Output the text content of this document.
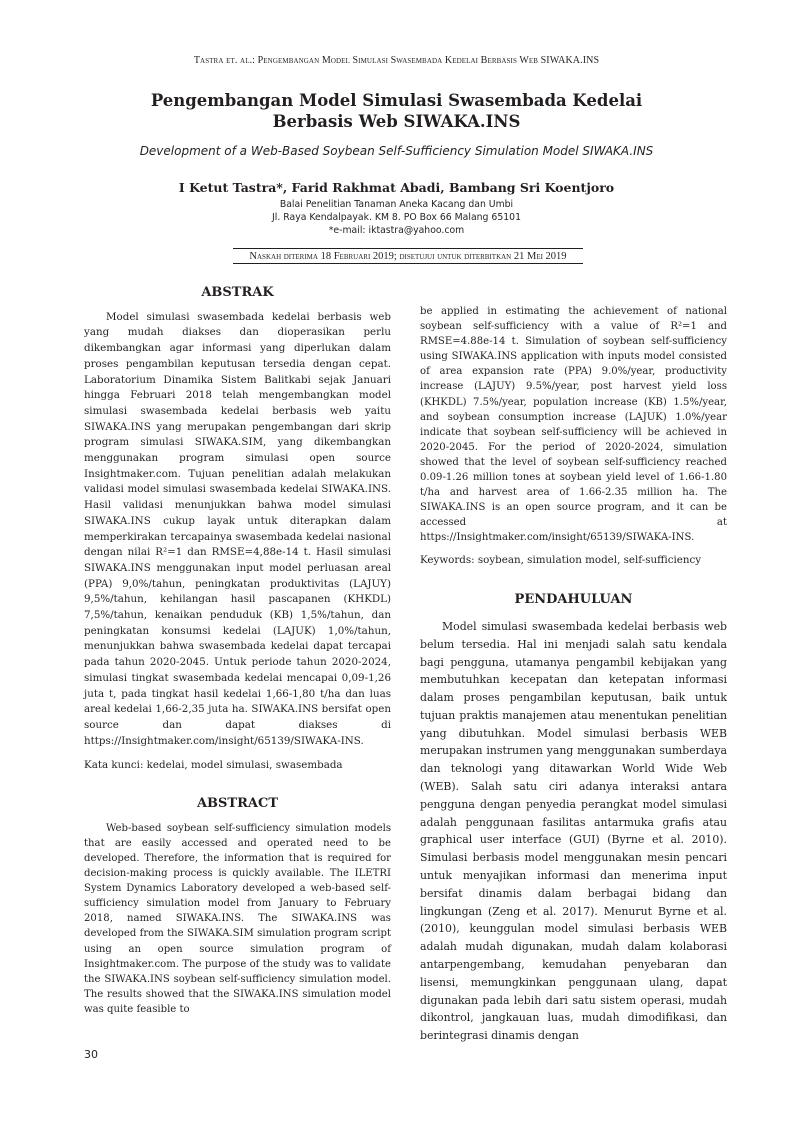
Tastra et. al.: Pengembangan Model Simulasi Swasembada Kedelai Berbasis Web SIWAKA.INS
Pengembangan Model Simulasi Swasembada Kedelai
Berbasis Web SIWAKA.INS
Development of a Web-Based Soybean Self-Sufficiency Simulation Model SIWAKA.INS
I Ketut Tastra*, Farid Rakhmat Abadi, Bambang Sri Koentjoro
Balai Penelitian Tanaman Aneka Kacang dan Umbi
Jl. Raya Kendalpayak. KM 8. PO Box 66 Malang 65101
*e-mail: iktastra@yahoo.com
Naskah diterima 18 Februari 2019; disetujui untuk diterbitkan 21 Mei 2019
ABSTRAK

Model simulasi swasembada kedelai berbasis web yang mudah diakses dan dioperasikan perlu dikembangkan agar informasi yang diperlukan dalam proses pengambilan keputusan tersedia dengan cepat. Laboratorium Dinamika Sistem Balitkabi sejak Januari hingga Februari 2018 telah mengembangkan model simulasi swasembada kedelai berbasis web yaitu SIWAKA.INS yang merupakan pengembangan dari skrip program simulasi SIWAKA.SIM, yang dikembangkan menggunakan program simulasi open source Insightmaker.com. Tujuan penelitian adalah melakukan validasi model simulasi swasembada kedelai SIWAKA.INS. Hasil validasi menunjukkan bahwa model simulasi SIWAKA.INS cukup layak untuk diterapkan dalam memperkirakan tercapainya swasembada kedelai nasional dengan nilai R²=1 dan RMSE=4,88e-14 t. Hasil simulasi SIWAKA.INS menggunakan input model perluasan areal (PPA) 9,0%/tahun, peningkatan produktivitas (LAJUY) 9,5%/tahun, kehilangan hasil pascapanen (KHKDL) 7,5%/tahun, kenaikan penduduk (KB) 1,5%/tahun, dan peningkatan konsumsi kedelai (LAJUK) 1,0%/tahun, menunjukkan bahwa swasembada kedelai dapat tercapai pada tahun 2020-2045. Untuk periode tahun 2020-2024, simulasi tingkat swasembada kedelai mencapai 0,09-1,26 juta t, pada tingkat hasil kedelai 1,66-1,80 t/ha dan luas areal kedelai 1,66-2,35 juta ha. SIWAKA.INS bersifat open source dan dapat diakses di https://Insightmaker.com/insight/65139/SIWAKA-INS.

Kata kunci: kedelai, model simulasi, swasembada

ABSTRACT

Web-based soybean self-sufficiency simulation models that are easily accessed and operated need to be developed. Therefore, the information that is required for decision-making process is quickly available. The ILETRI System Dynamics Laboratory developed a web-based self-sufficiency simulation model from January to February 2018, named SIWAKA.INS. The SIWAKA.INS was developed from the SIWAKA.SIM simulation program script using an open source simulation program of Insightmaker.com. The purpose of the study was to validate the SIWAKA.INS soybean self-sufficiency simulation model. The results showed that the SIWAKA.INS simulation model was quite feasible to

be applied in estimating the achievement of national soybean self-sufficiency with a value of R²=1 and RMSE=4.88e-14 t. Simulation of soybean self-sufficiency using SIWAKA.INS application with inputs model consisted of area expansion rate (PPA) 9.0%/year, productivity increase (LAJUY) 9.5%/year, post harvest yield loss (KHKDL) 7.5%/year, population increase (KB) 1.5%/year, and soybean consumption increase (LAJUK) 1.0%/year indicate that soybean self-sufficiency will be achieved in 2020-2045. For the period of 2020-2024, simulation showed that the level of soybean self-sufficiency reached 0.09-1.26 million tones at soybean yield level of 1.66-1.80 t/ha and harvest area of 1.66-2.35 million ha. The SIWAKA.INS is an open source program, and it can be accessed at https://Insightmaker.com/insight/65139/SIWAKA-INS.

Keywords: soybean, simulation model, self-sufficiency

PENDAHULUAN

Model simulasi swasembada kedelai berbasis web belum tersedia. Hal ini menjadi salah satu kendala bagi pengguna, utamanya pengambil kebijakan yang membutuhkan kecepatan dan ketepatan informasi dalam proses pengambilan keputusan, baik untuk tujuan praktis manajemen atau menentukan penelitian yang dibutuhkan. Model simulasi berbasis WEB merupakan instrumen yang menggunakan sumberdaya dan teknologi yang ditawarkan World Wide Web (WEB). Salah satu ciri adanya interaksi antara pengguna dengan penyedia perangkat model simulasi adalah penggunaan fasilitas antarmuka grafis atau graphical user interface (GUI) (Byrne et al. 2010). Simulasi berbasis model menggunakan mesin pencari untuk menyajikan informasi dan menerima input bersifat dinamis dalam berbagai bidang dan lingkungan (Zeng et al. 2017). Menurut Byrne et al. (2010), keunggulan model simulasi berbasis WEB adalah mudah digunakan, mudah dalam kolaborasi antarpengembang, kemudahan penyebaran dan lisensi, memungkinkan penggunaan ulang, dapat digunakan pada lebih dari satu sistem operasi, mudah dikontrol, jangkauan luas, mudah dimodifikasi, dan berintegrasi dinamis dengan

30
